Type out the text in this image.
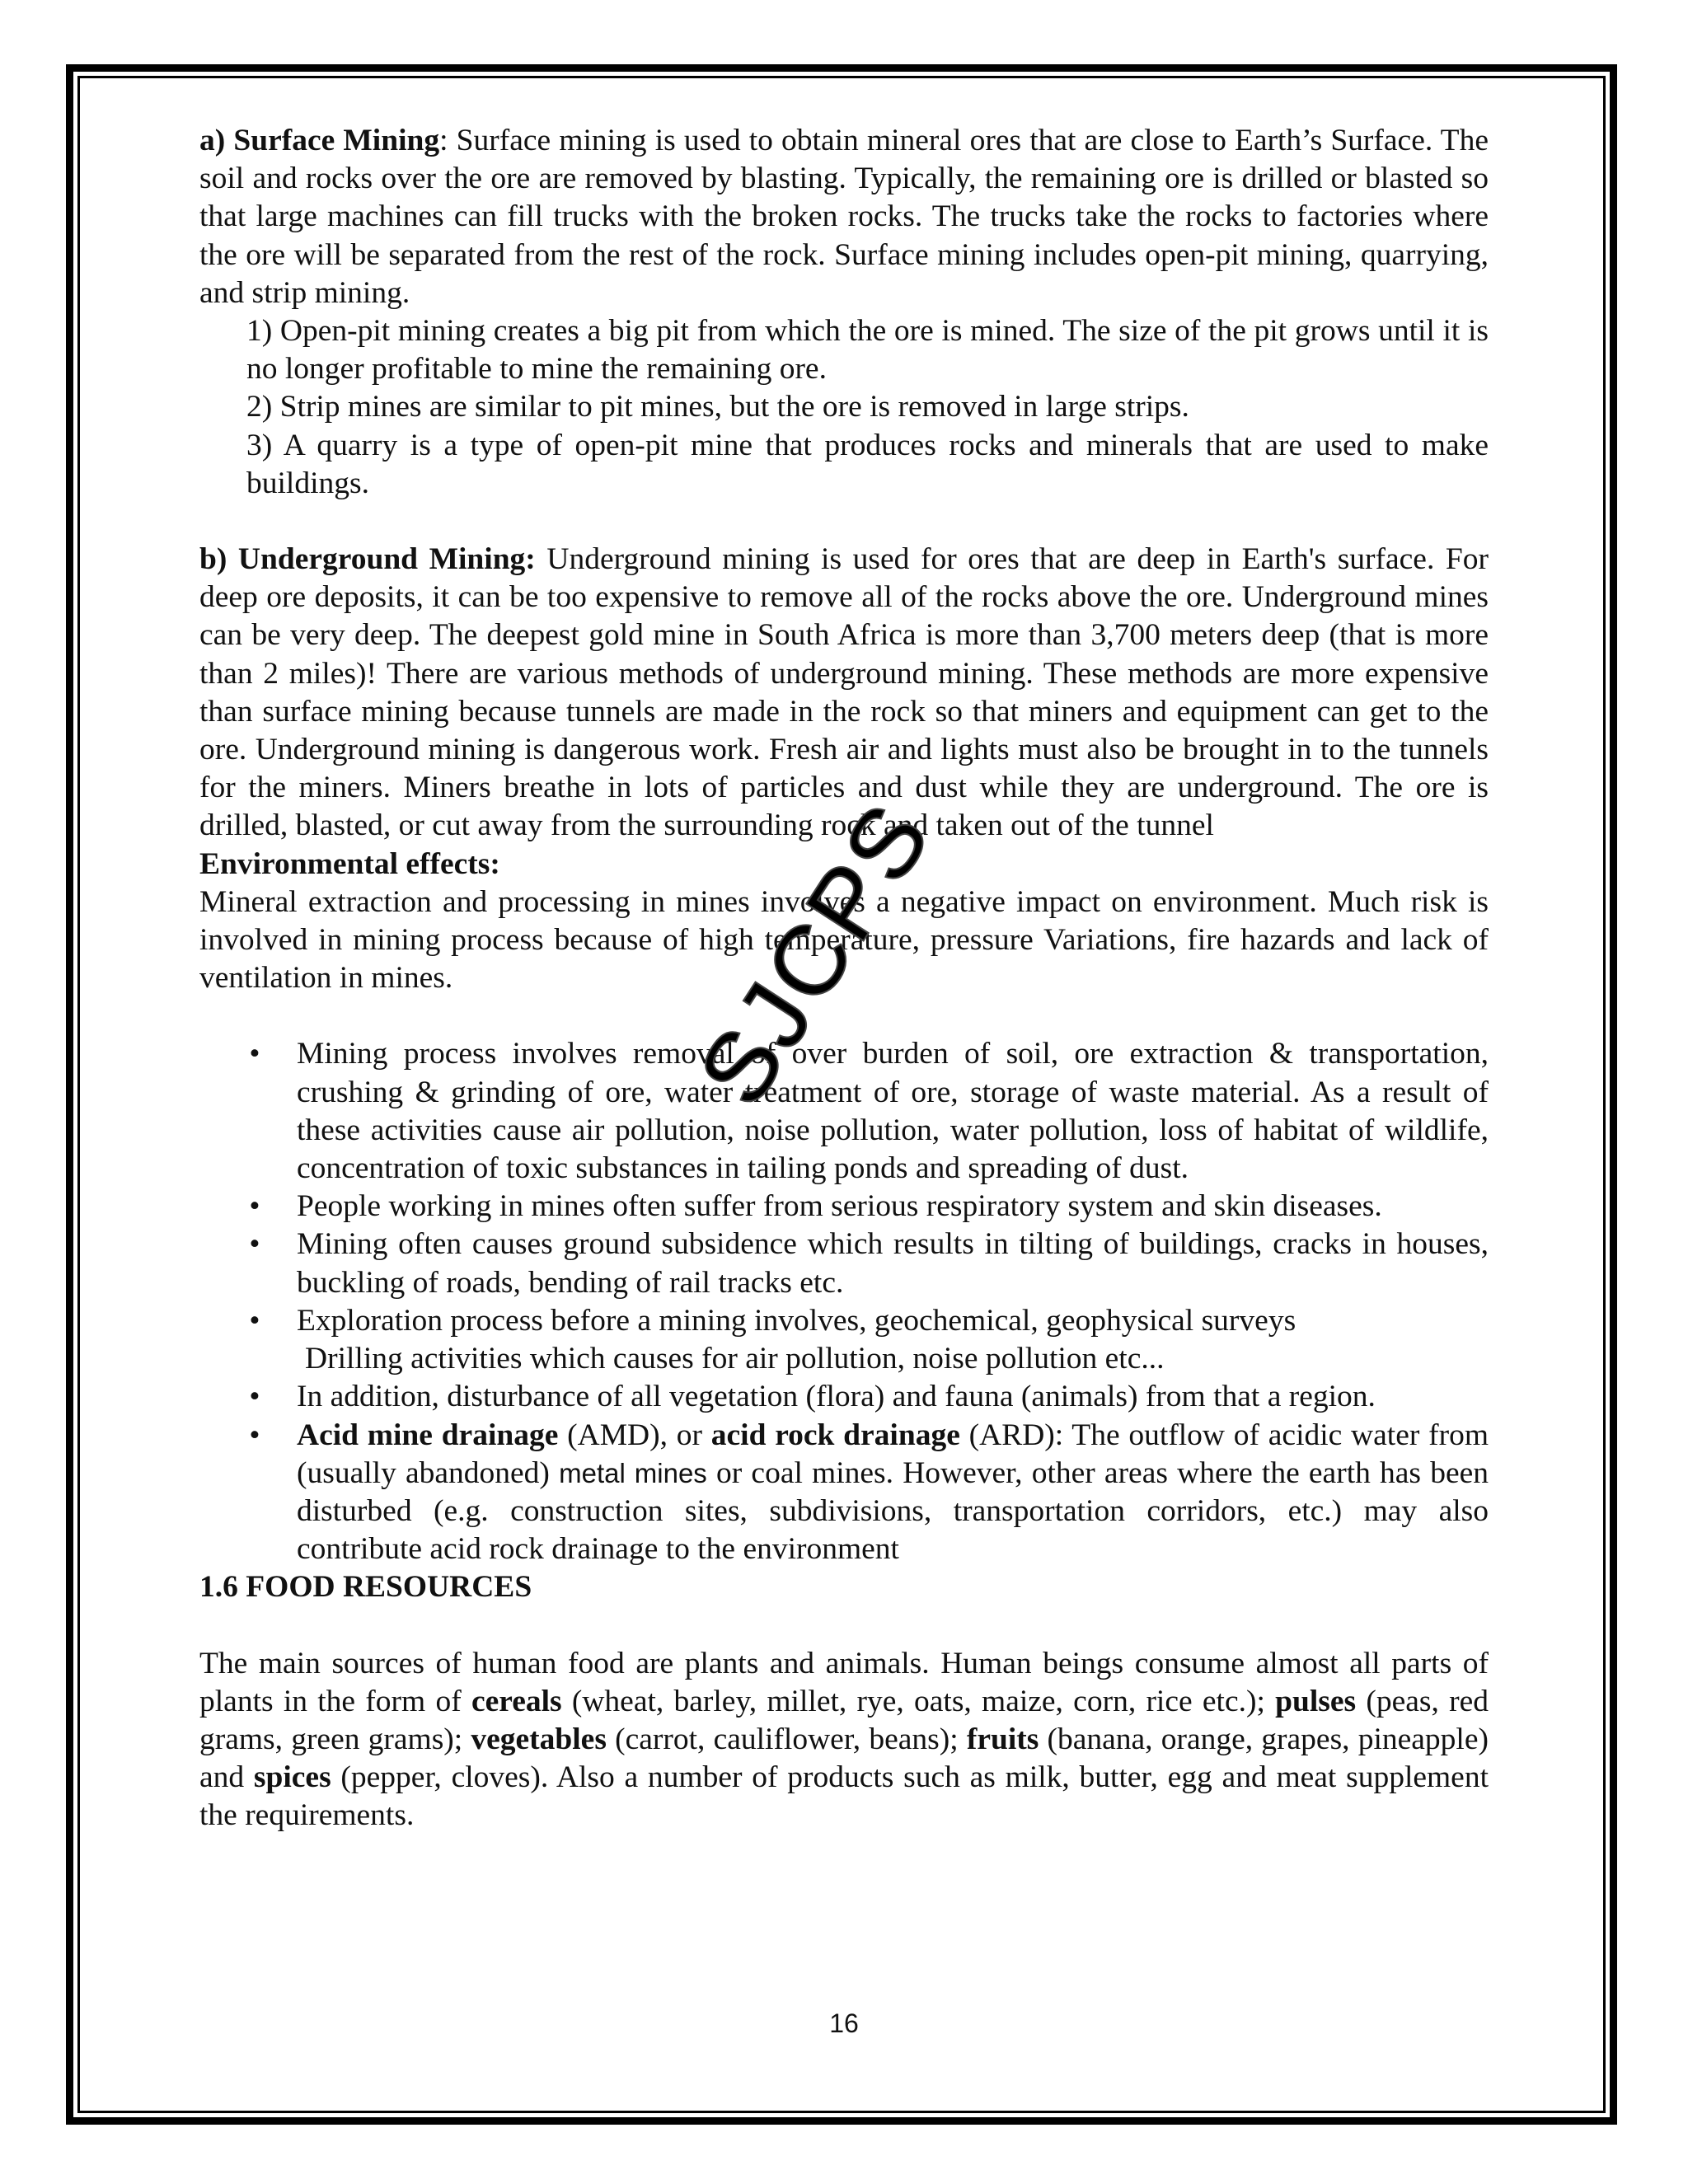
a) Surface Mining: Surface mining is used to obtain mineral ores that are close to Earth’s Surface. The soil and rocks over the ore are removed by blasting. Typically, the remaining ore is drilled or blasted so that large machines can fill trucks with the broken rocks. The trucks take the rocks to factories where the ore will be separated from the rest of the rock. Surface mining includes open-pit mining, quarrying, and strip mining.

1) Open-pit mining creates a big pit from which the ore is mined. The size of the pit grows until it is no longer profitable to mine the remaining ore.

2) Strip mines are similar to pit mines, but the ore is removed in large strips.

3) A quarry is a type of open-pit mine that produces rocks and minerals that are used to make buildings.

b) Underground Mining: Underground mining is used for ores that are deep in Earth's surface. For deep ore deposits, it can be too expensive to remove all of the rocks above the ore. Underground mines can be very deep. The deepest gold mine in South Africa is more than 3,700 meters deep (that is more than 2 miles)! There are various methods of underground mining. These methods are more expensive than surface mining because tunnels are made in the rock so that miners and equipment can get to the ore. Underground mining is dangerous work. Fresh air and lights must also be brought in to the tunnels for the miners. Miners breathe in lots of particles and dust while they are underground. The ore is drilled, blasted, or cut away from the surrounding rock and taken out of the tunnel

Environmental effects:

Mineral extraction and processing in mines involves a negative impact on environment. Much risk is involved in mining process because of high temperature, pressure Variations, fire hazards and lack of ventilation in mines.

• Mining process involves removal of over burden of soil, ore extraction & transportation, crushing & grinding of ore, water treatment of ore, storage of waste material. As a result of these activities cause air pollution, noise pollution, water pollution, loss of habitat of wildlife, concentration of toxic substances in tailing ponds and spreading of dust.
• People working in mines often suffer from serious respiratory system and skin diseases.
• Mining often causes ground subsidence which results in tilting of buildings, cracks in houses, buckling of roads, bending of rail tracks etc.
• Exploration process before a mining involves, geochemical, geophysical surveys
Drilling activities which causes for air pollution, noise pollution etc...
• In addition, disturbance of all vegetation (flora) and fauna (animals) from that a region.
• Acid mine drainage (AMD), or acid rock drainage (ARD): The outflow of acidic water from (usually abandoned) metal mines or coal mines. However, other areas where the earth has been disturbed (e.g. construction sites, subdivisions, transportation corridors, etc.) may also contribute acid rock drainage to the environment

1.6 FOOD RESOURCES

The main sources of human food are plants and animals. Human beings consume almost all parts of plants in the form of cereals (wheat, barley, millet, rye, oats, maize, corn, rice etc.); pulses (peas, red grams, green grams); vegetables (carrot, cauliflower, beans); fruits (banana, orange, grapes, pineapple) and spices (pepper, cloves). Also a number of products such as milk, butter, egg and meat supplement the requirements.

SJCPS
16
